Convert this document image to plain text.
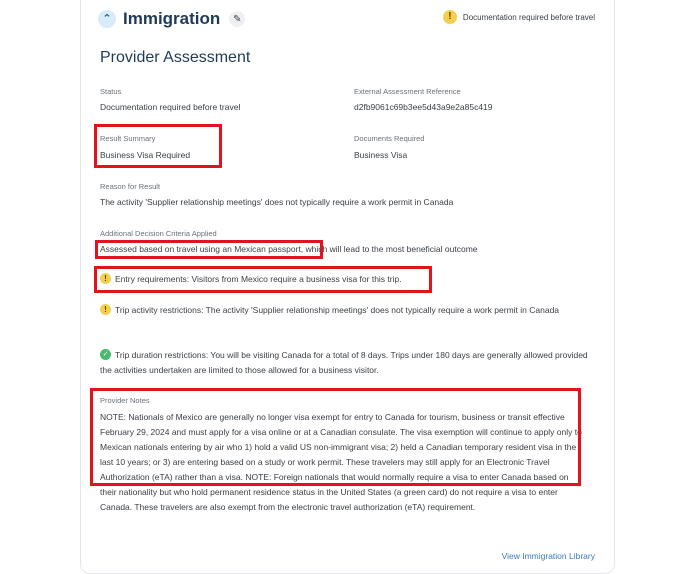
⌃ Immigration	✎	!	Documentation required before travel
Provider Assessment
Status
Documentation required before travel
External Assessment Reference
d2fb9061c69b3ee5d43a9e2a85c419
Result Summary
Business Visa Required
Documents Required
Business Visa
Reason for Result
The activity 'Supplier relationship meetings' does not typically require a work permit in Canada
Additional Decision Criteria Applied
Assessed based on travel using an Mexican passport, which will lead to the most beneficial outcome
! Entry requirements: Visitors from Mexico require a business visa for this trip.
! Trip activity restrictions: The activity 'Supplier relationship meetings' does not typically require a work permit in Canada
✓ Trip duration restrictions: You will be visiting Canada for a total of 8 days. Trips under 180 days are generally allowed provided the activities undertaken are limited to those allowed for a business visitor.
Provider Notes
NOTE: Nationals of Mexico are generally no longer visa exempt for entry to Canada for tourism, business or transit effective February 29, 2024 and must apply for a visa online or at a Canadian consulate. The visa exemption will continue to apply only to Mexican nationals entering by air who 1) hold a valid US non-immigrant visa; 2) held a Canadian temporary resident visa in the last 10 years; or 3) are entering based on a study or work permit. These travelers may still apply for an Electronic Travel Authorization (eTA) rather than a visa. NOTE: Foreign nationals that would normally require a visa to enter Canada based on their nationality but who hold permanent residence status in the United States (a green card) do not require a visa to enter Canada. These travelers are also exempt from the electronic travel authorization (eTA) requirement.
View Immigration Library
